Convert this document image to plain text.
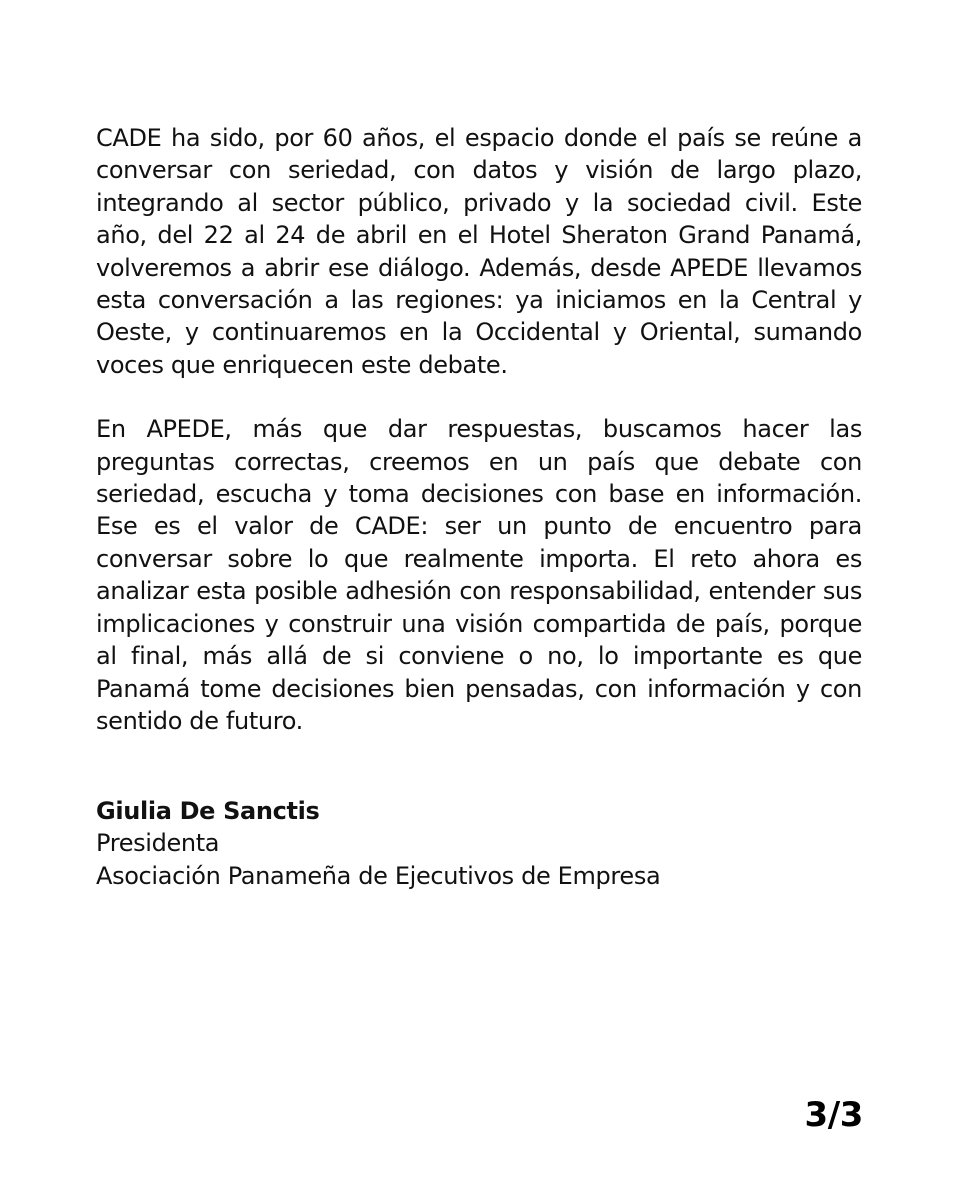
CADE ha sido, por 60 años, el espacio donde el país se reúne a conversar con seriedad, con datos y visión de largo plazo, integrando al sector público, privado y la sociedad civil. Este año, del 22 al 24 de abril en el Hotel Sheraton Grand Panamá, volveremos a abrir ese diálogo. Además, desde APEDE llevamos esta conversación a las regiones: ya iniciamos en la Central y Oeste, y continuaremos en la Occidental y Oriental, sumando voces que enriquecen este debate.

En APEDE, más que dar respuestas, buscamos hacer las preguntas correctas, creemos en un país que debate con seriedad, escucha y toma decisiones con base en información. Ese es el valor de CADE: ser un punto de encuentro para conversar sobre lo que realmente importa. El reto ahora es analizar esta posible adhesión con responsabilidad, entender sus implicaciones y construir una visión compartida de país, porque al final, más allá de si conviene o no, lo importante es que Panamá tome decisiones bien pensadas, con información y con sentido de futuro.

Giulia De Sanctis
Presidenta
Asociación Panameña de Ejecutivos de Empresa
3/3
